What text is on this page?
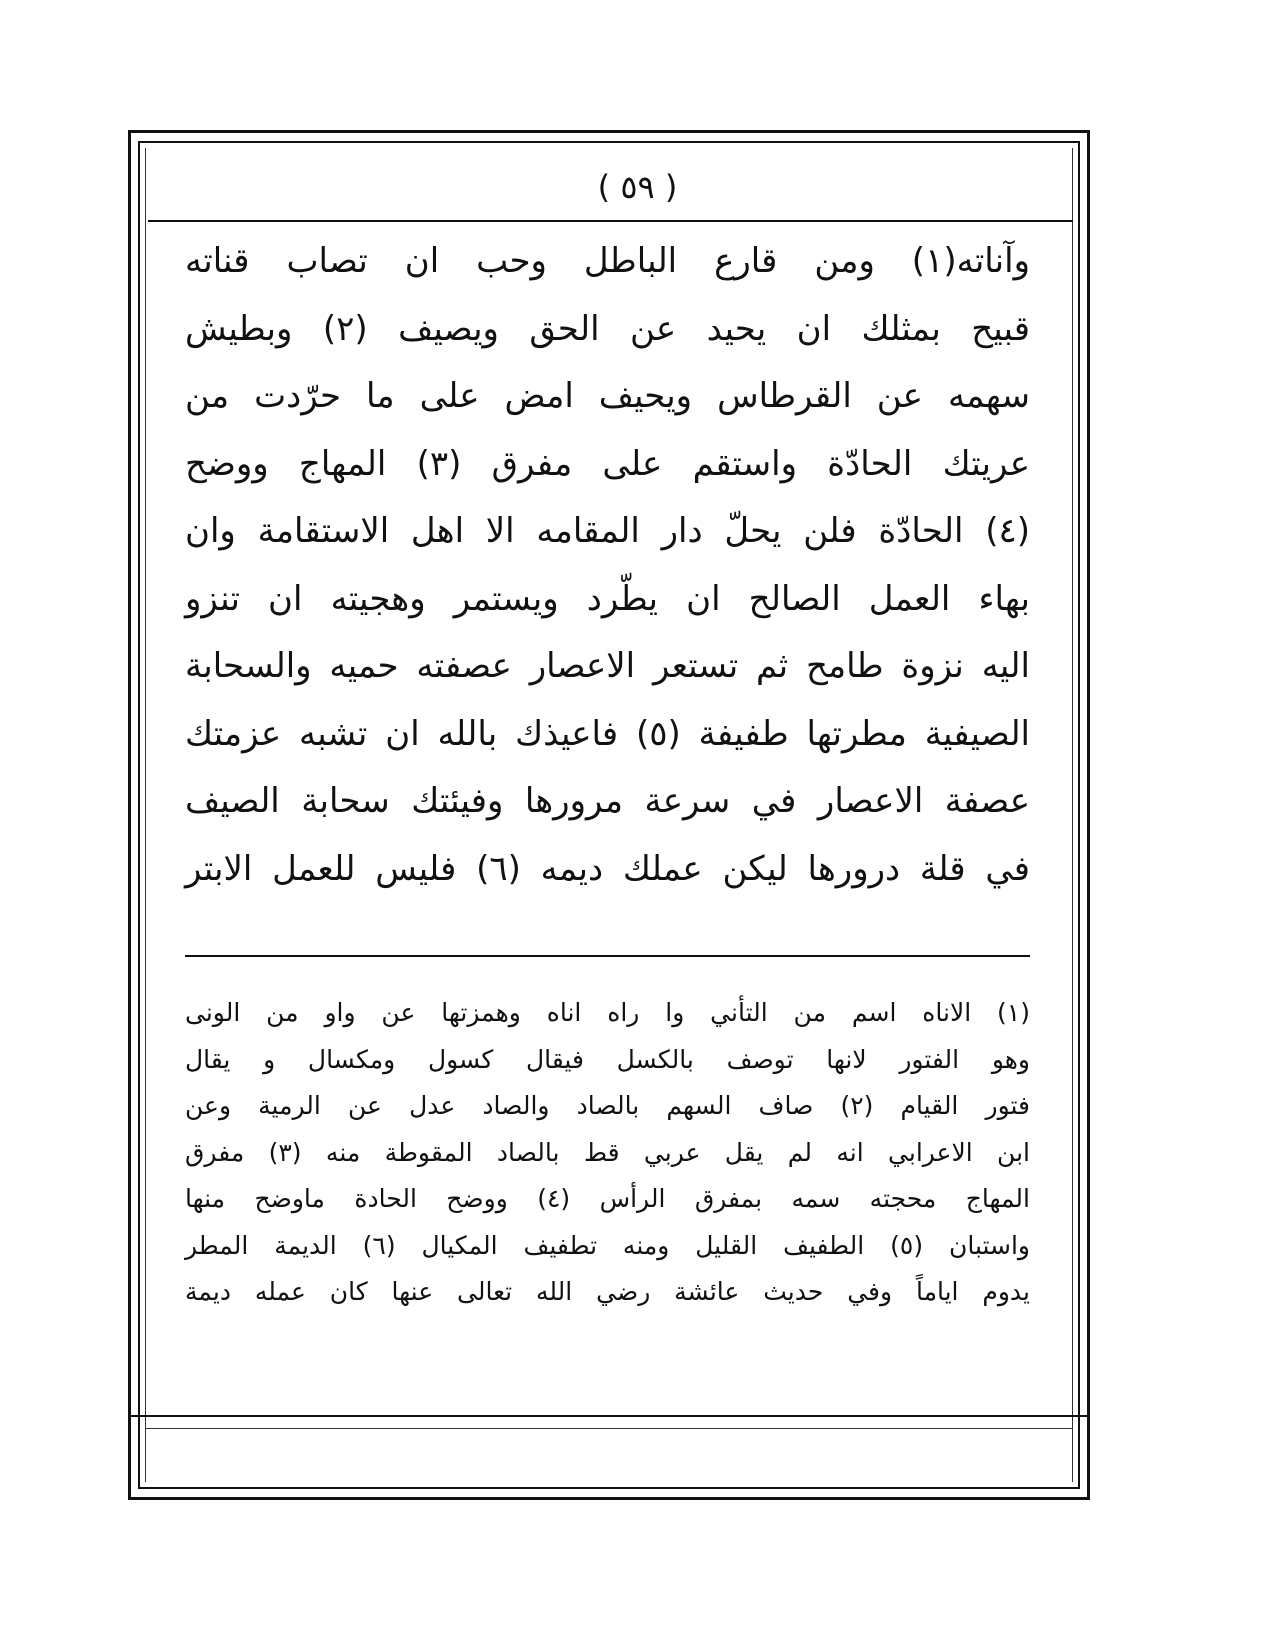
( ٥٩ )
وآناته(١) ومن قارع الباطل وحب ان تصاب قناته
قبيح بمثلك ان يحيد عن الحق ويصيف (٢) وبطيش
سهمه عن القرطاس ويحيف امض على ما حرّدت من
عريتك الحادّة واستقم على مفرق (٣) المهاج ووضح
(٤) الحادّة فلن يحلّ دار المقامه الا اهل الاستقامة وان
بهاء العمل الصالح ان يطّرد ويستمر وهجيته ان تنزو
اليه نزوة طامح ثم تستعر الاعصار عصفته حميه والسحابة
الصيفية مطرتها طفيفة (٥) فاعيذك بالله ان تشبه عزمتك
عصفة الاعصار في سرعة مرورها وفيئتك سحابة الصيف
في قلة درورها ليكن عملك ديمه (٦) فليس للعمل الابتر
(١) الاناه اسم من التأني وا راه اناه وهمزتها عن واو من الونى
وهو الفتور لانها توصف بالكسل فيقال كسول ومكسال و يقال
فتور القيام (٢) صاف السهم بالصاد والصاد عدل عن الرمية وعن
ابن الاعرابي انه لم يقل عربي قط بالصاد المقوطة منه (٣) مفرق
المهاج محجته سمه بمفرق الرأس (٤) ووضح الحادة ماوضح منها
واستبان (٥) الطفيف القليل ومنه تطفيف المكيال (٦) الديمة المطر
يدوم اياماً وفي حديث عائشة رضي الله تعالى عنها كان عمله ديمة
